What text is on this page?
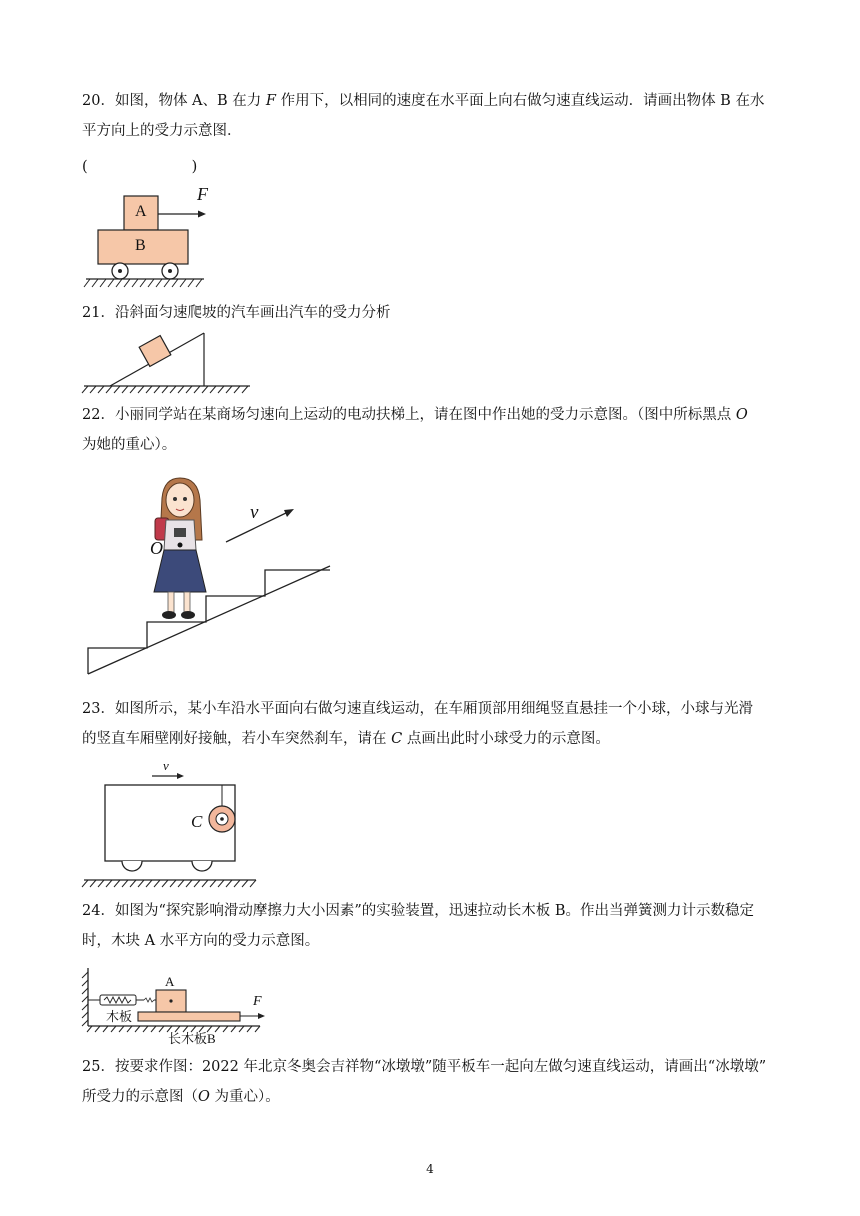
20．如图，物体 A、B 在力 F 作用下，以相同的速度在水平面上向右做匀速直线运动．请画出物体 B 在水
平方向上的受力示意图．
(	)
A
B
F
21．沿斜面匀速爬坡的汽车画出汽车的受力分析
22．小丽同学站在某商场匀速向上运动的电动扶梯上，请在图中作出她的受力示意图。（图中所标黑点 O
为她的重心）。
v
O
23．如图所示，某小车沿水平面向右做匀速直线运动，在车厢顶部用细绳竖直悬挂一个小球，小球与光滑
的竖直车厢壁刚好接触，若小车突然刹车，请在 C 点画出此时小球受力的示意图。
v
C
24．如图为“探究影响滑动摩擦力大小因素”的实验装置，迅速拉动长木板 B。作出当弹簧测力计示数稳定
时，木块 A 水平方向的受力示意图。
A
F
木板
长木板B
25．按要求作图：2022 年北京冬奥会吉祥物“冰墩墩”随平板车一起向左做匀速直线运动，请画出“冰墩墩”
所受力的示意图（O 为重心）。
4
